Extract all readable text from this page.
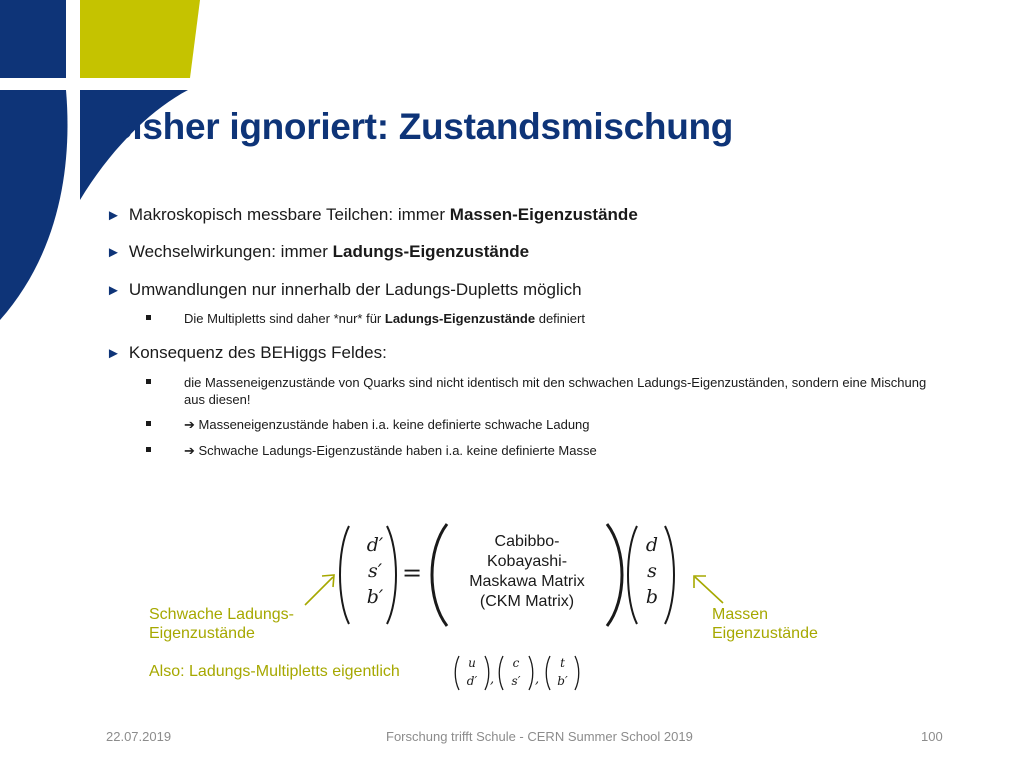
Bisher ignoriert: Zustandsmischung
► Makroskopisch messbare Teilchen: immer Massen-Eigenzustände
► Wechselwirkungen: immer Ladungs-Eigenzustände
► Umwandlungen nur innerhalb der Ladungs-Dupletts möglich
Die Multipletts sind daher *nur* für Ladungs-Eigenzustände definiert
► Konsequenz des BEHiggs Feldes:
die Masseneigenzustände von Quarks sind nicht identisch mit den schwachen Ladungs-Eigenzuständen, sondern eine Mischung aus diesen!
➔ Masseneigenzustände haben i.a. keine definierte schwache Ladung
➔ Schwache Ladungs-Eigenzustände haben i.a. keine definierte Masse
d′
s′
b′
=
Cabibbo-
Kobayashi-
Maskawa Matrix
(CKM Matrix)
d
s
b
Schwache Ladungs-
Eigenzustände
Massen
Eigenzustände
Also: Ladungs-Multipletts eigentlich	u
d′ ,
c
s′	,
t
b′
22.07.2019	Forschung trifft Schule - CERN Summer School 2019	100
